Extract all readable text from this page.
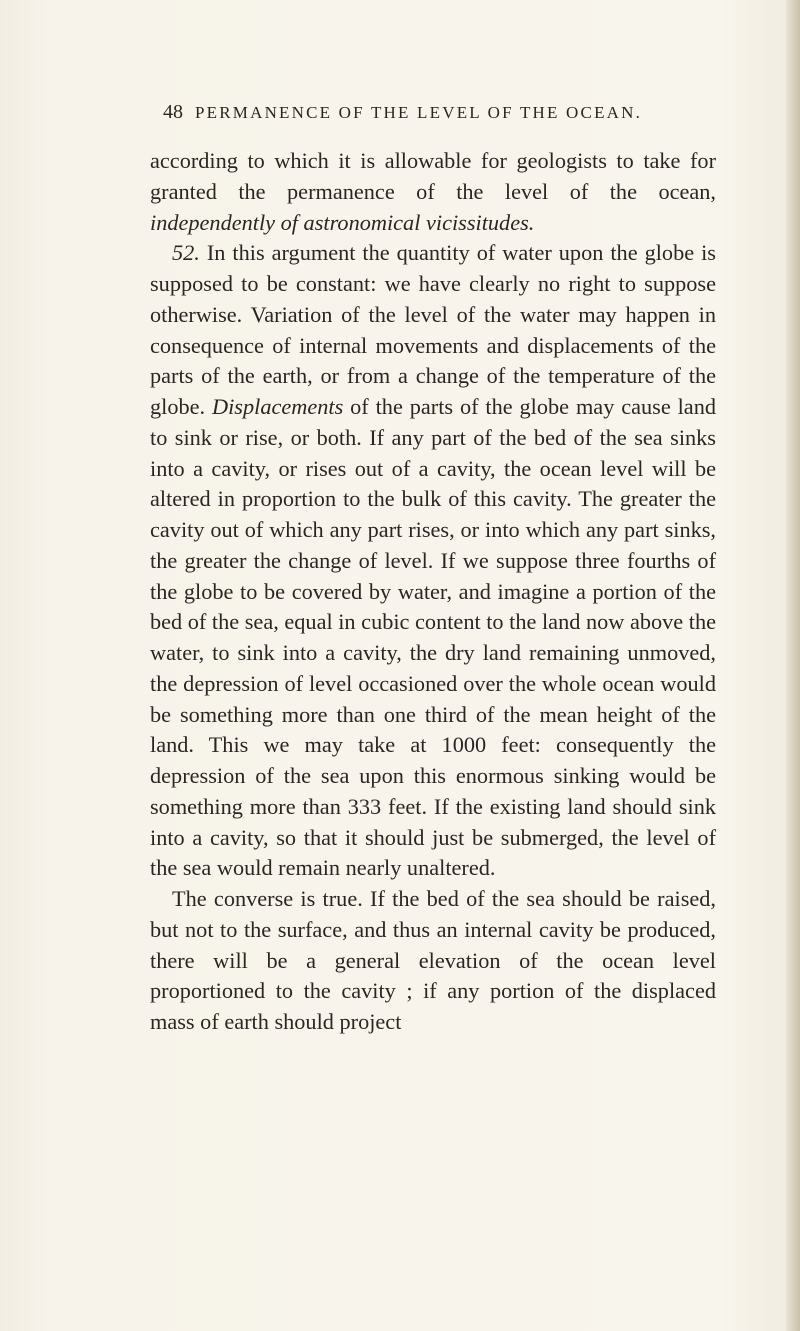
48 PERMANENCE OF THE LEVEL OF THE OCEAN.

according to which it is allowable for geologists to take for granted the permanence of the level of the ocean, independently of astronomical vicissitudes.

52. In this argument the quantity of water upon the globe is supposed to be constant: we have clearly no right to suppose otherwise. Variation of the level of the water may happen in consequence of internal movements and displacements of the parts of the earth, or from a change of the temperature of the globe. Displacements of the parts of the globe may cause land to sink or rise, or both. If any part of the bed of the sea sinks into a cavity, or rises out of a cavity, the ocean level will be altered in proportion to the bulk of this cavity. The greater the cavity out of which any part rises, or into which any part sinks, the greater the change of level. If we suppose three fourths of the globe to be covered by water, and imagine a portion of the bed of the sea, equal in cubic content to the land now above the water, to sink into a cavity, the dry land remaining unmoved, the depression of level occasioned over the whole ocean would be something more than one third of the mean height of the land. This we may take at 1000 feet: consequently the depression of the sea upon this enormous sinking would be something more than 333 feet. If the existing land should sink into a cavity, so that it should just be submerged, the level of the sea would remain nearly unaltered.

The converse is true. If the bed of the sea should be raised, but not to the surface, and thus an internal cavity be produced, there will be a general elevation of the ocean level proportioned to the cavity ; if any portion of the displaced mass of earth should project
